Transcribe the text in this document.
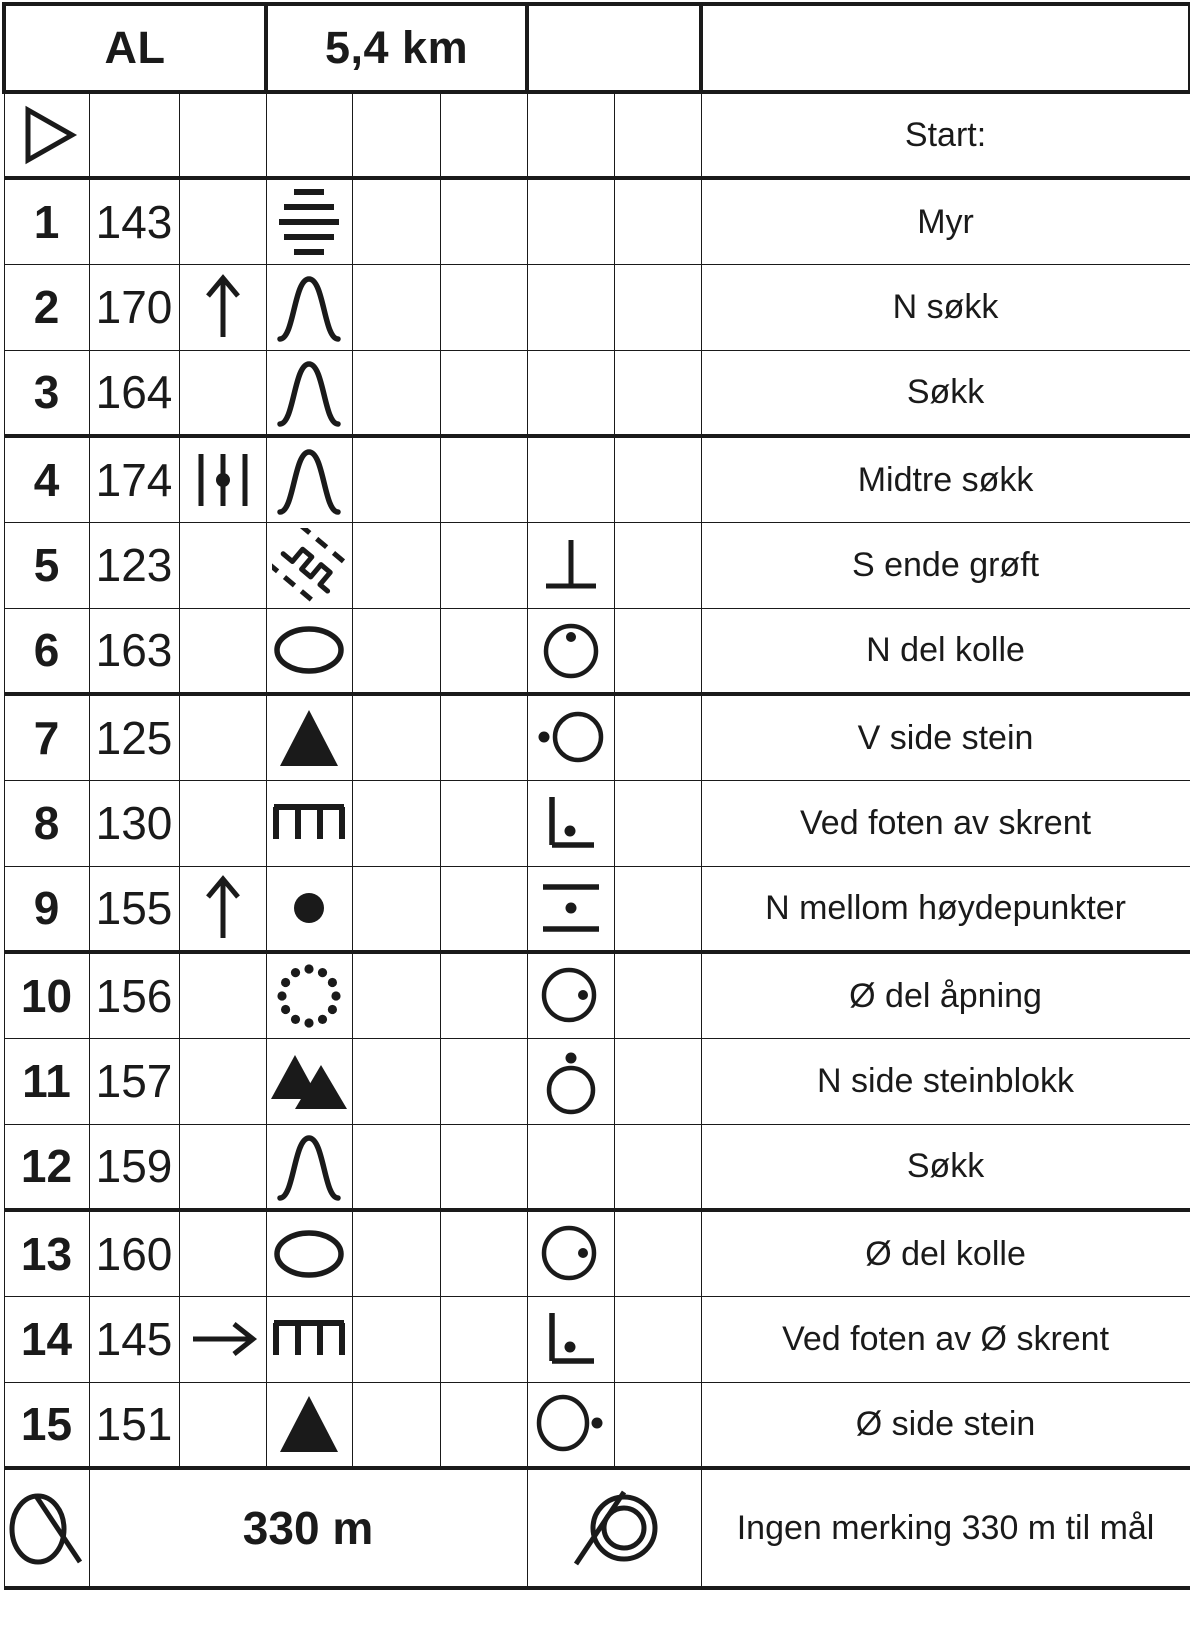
AL			5,4 km					

								Start:
1	143							Myr
2	170							N søkk
3	164							Søkk
4	174							Midtre søkk
5	123							S ende grøft
6	163							N del kolle
7	125							V side stein
8	130							Ved foten av skrent
9	155							N mellom høydepunkter
10	156							Ø del åpning
11	157							N side steinblokk
12	159							Søkk
13	160							Ø del kolle
14	145							Ved foten av Ø skrent
15	151							Ø side stein

	330 m							Ingen merking 330 m til mål
